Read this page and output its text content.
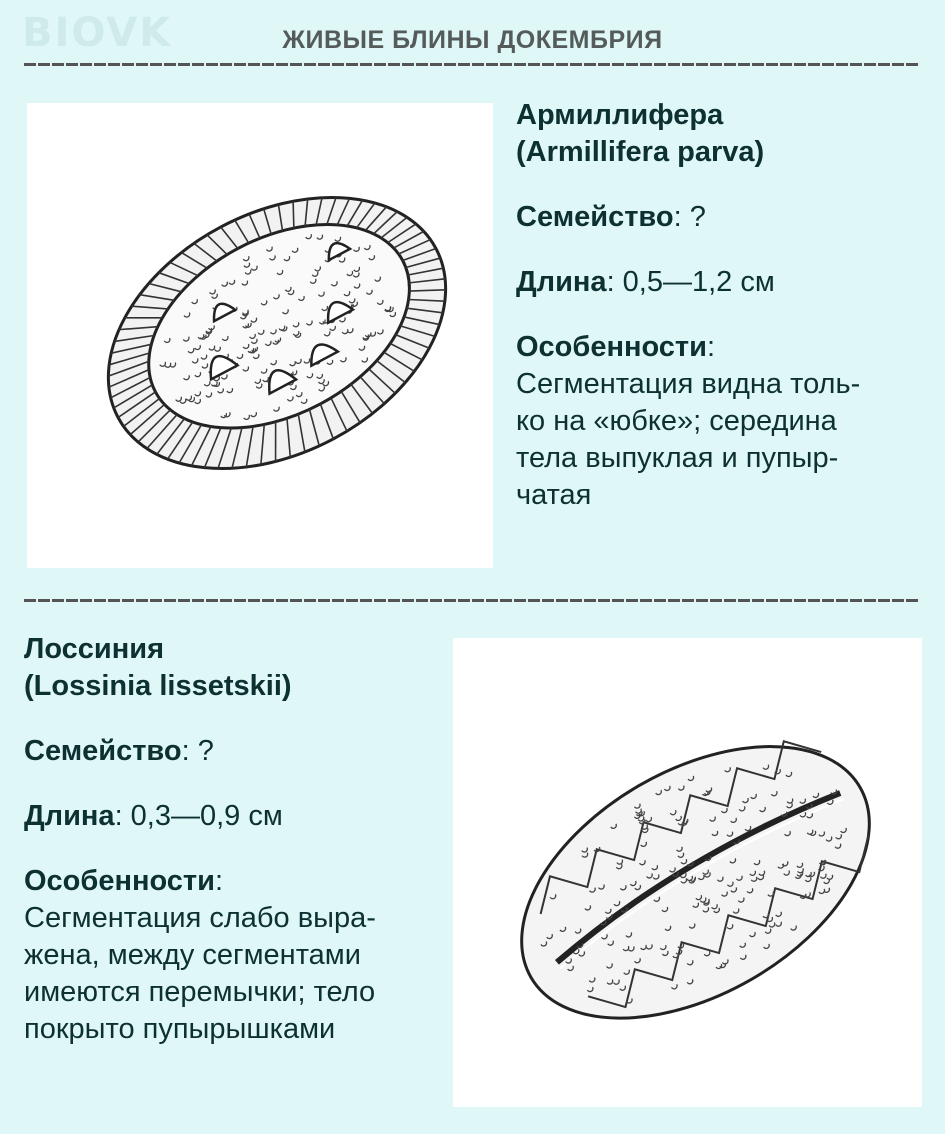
BIOVK	ЖИВЫЕ БЛИНЫ ДОКЕМБРИЯ
Армиллифера
(Armillifera parva)
Семейство: ?
Длина: 0,5—1,2 см
Особенности:
Сегментация видна толь-
ко на «юбке»; середина
тела выпуклая и пупыр-
чатая
Лоссиния
(Lossinia lissetskii)
Семейство: ?
Длина: 0,3—0,9 см
Особенности:
Сегментация слабо выра-
жена, между сегментами
имеются перемычки; тело
покрыто пупырышками
